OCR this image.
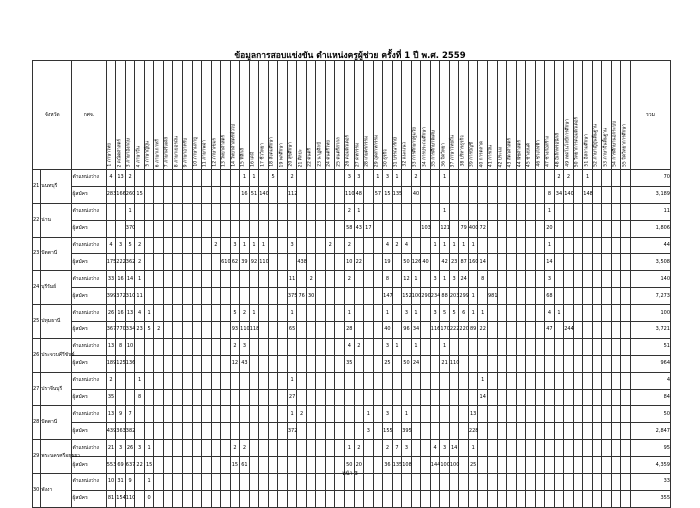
ข้อมูลการสอบแข่งขัน ตำแหน่งครูผู้ช่วย ครั้งที่ 1 ปี พ.ศ. 2559
จังหวัด		กศจ.	1 ภาษาไทย	2 คณิตศาสตร์	3 ภาษาอังกฤษ	4 ภาษาจีน	5 ภาษาญี่ปุ่น	6 ภาษาเกาหลี	7 ภาษาฝรั่งเศส	8 ภาษาเยอรมัน	9 ภาษาอาหรับ	10 ภาษามลายู	11 ภาษาพม่า	12 ภาษาเขมร	13 วิทยาศาสตร์	14 วิทยาศาสตร์ทั่วไป	15 ฟิสิกส์	16 เคมี	17 ชีววิทยา	18 สังคมศึกษา	19 พลศึกษา	20 สุขศึกษา	21 ศิลปะ	22 ดนตรี	23 นาฏศิลป์	24 ดนตรีไทย	25 ดนตรีสากล	26 คอมพิวเตอร์	27 คหกรรม	28 เกษตรกรรม	29 อุตสาหกรรม	30 ธุรกิจ	31 บรรณารักษ์	32 แนะแนว	33 การศึกษาปฐมวัย	34 การประถมศึกษา	35 การศึกษาพิเศษ	36 จิตวิทยา	37 ภาษาไทยถิ่น	38 บริหารธุรกิจ	39 การบัญชี	40 การตลาด	41 การเงิน	42 ประมง	43 สัตวศาสตร์	44 พืชศาสตร์	45 ช่างยนต์	46 ช่างไฟฟ้า	47 ช่างก่อสร้าง	48 อิเล็กทรอนิกส์	49 เทคโนโลยีการศึกษา	50 วิทยาการคอมพิวเตอร์	51 อิสลามศึกษา	52 ภาษาญี่ปุ่นพื้นฐาน	53 ภาษาจีนพื้นฐาน	54 การศึกษานอกระบบ	55 จิตวิทยาการศึกษา	รวม
21	นนทบุรี	ตำแหน่งว่าง	4	13	2												1	1		5		2						3	3		1	3	1		2			1												2	2		1					70
		ผู้สมัคร	283	166	260	15											16	51	140			112						110	48		57	15	135		40														8	34	140		148					3,189
22	น่าน	ตำแหน่งว่าง			1																							2	1									1											1									11
		ผู้สมัคร			370																							58	43	17						103		121		79	400	72							20									1,806
23	ปัตตานี	ตำแหน่งว่าง	4	3	5	2								2		3	1	1	1			3				2		2				4	2	4			1	1	1	1	1								1									44
		ผู้สมัคร	175	222	362	2									610	62	39	92	110				438					10	22			19		50	126	40		42	23	87	160	14							14									3,508
24	บุรีรัมย์	ตำแหน่งว่าง	33	16	14	1																11		2				2				8		12	1		3	1	3	24		8							3									140
		ผู้สมัคร	399	372	310	11																375	76	30								147		152	100	290	234	88	203	299	1		981						68									7,273
25	ปทุมธานี	ตำแหน่งว่าง	26	16	13	4	1									5	2	1				1						1				1		3	1		3	5	5	6	1	1							4	1								100
		ผู้สมัคร	367	770	334	23	5	2								93	110	118				65						28				40		96	34		116	170	222	220	89	22							47		244							3,721
26	ประจวบคีรีขันธ์	ตำแหน่งว่าง	13	8	10											2	3											4	2			3	1		1			1																				51
		ผู้สมัคร	189	125	136											12	43											35				25		50	24			21	110																			964
27	ปราจีนบุรี	ตำแหน่งว่าง	2			1																1																				1																4
		ผู้สมัคร	35			8																27																				14																84
28	ปัตตานี	ตำแหน่งว่าง	13	9	7																	1	2							1		3		1							13																	50
		ผู้สมัคร	439	363	382																	372								3		155		395							228																	2,847
29	พระนครศรีอยุธยา	ตำแหน่งว่าง	21	3	26	3	1									2	2											1	2			2	7	3			4	3	14		1																	95
		ผู้สมัคร	553	69	637	22	15									15	61											50	20			36	135	108			144	100	100		25																	4,359
30	พังงา	ตำแหน่งว่าง	10	31	9		1																																																			33
		ผู้สมัคร	81	154	110		0																																																			355
หน้า 3
